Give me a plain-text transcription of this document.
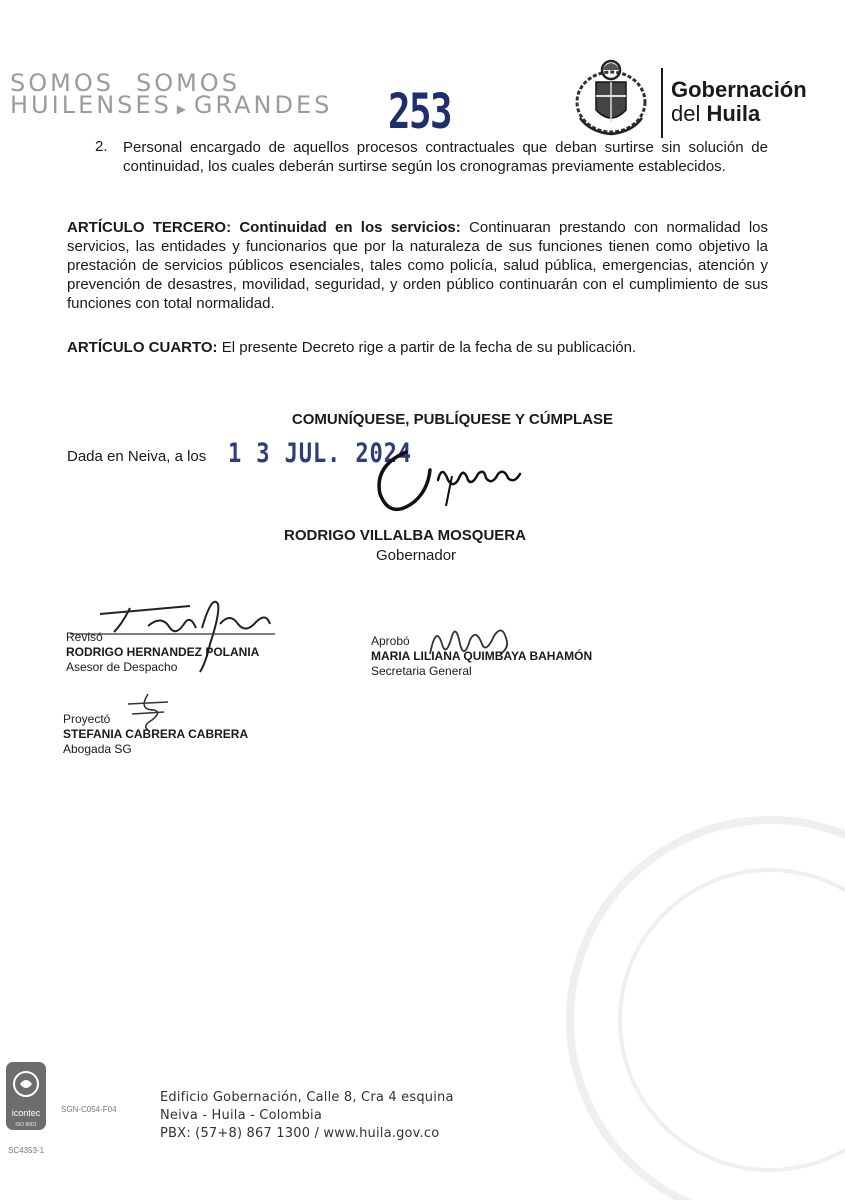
SOMOS SOMOS
HUILENSES ▶ GRANDES 253	Gobernación
del Huila
2. Personal encargado de aquellos procesos contractuales que deban surtirse sin solución de continuidad, los cuales deberán surtirse según los cronogramas previamente establecidos.
ARTÍCULO TERCERO: Continuidad en los servicios: Continuaran prestando con normalidad los servicios, las entidades y funcionarios que por la naturaleza de sus funciones tienen como objetivo la prestación de servicios públicos esenciales, tales como policía, salud pública, emergencias, atención y prevención de desastres, movilidad, seguridad, y orden público continuarán con el cumplimiento de sus funciones con total normalidad.
ARTÍCULO CUARTO: El presente Decreto rige a partir de la fecha de su publicación.
COMUNÍQUESE, PUBLÍQUESE Y CÚMPLASE
Dada en Neiva, a los 1 3 JUL. 2024
RODRIGO VILLALBA MOSQUERA
Gobernador
Revisó
RODRIGO HERNANDEZ POLANIA
Asesor de Despacho
Aprobó
MARIA LILIANA QUIMBAYA BAHAMÓN
Secretaria General
Proyectó
STEFANIA CABRERA CABRERA
Abogada SG
icontec
ISO 9001
SC4353-1
SGN-C054-F04
Edificio Gobernación, Calle 8, Cra 4 esquina
Neiva - Huila - Colombia
PBX: (57+8) 867 1300 / www.huila.gov.co
